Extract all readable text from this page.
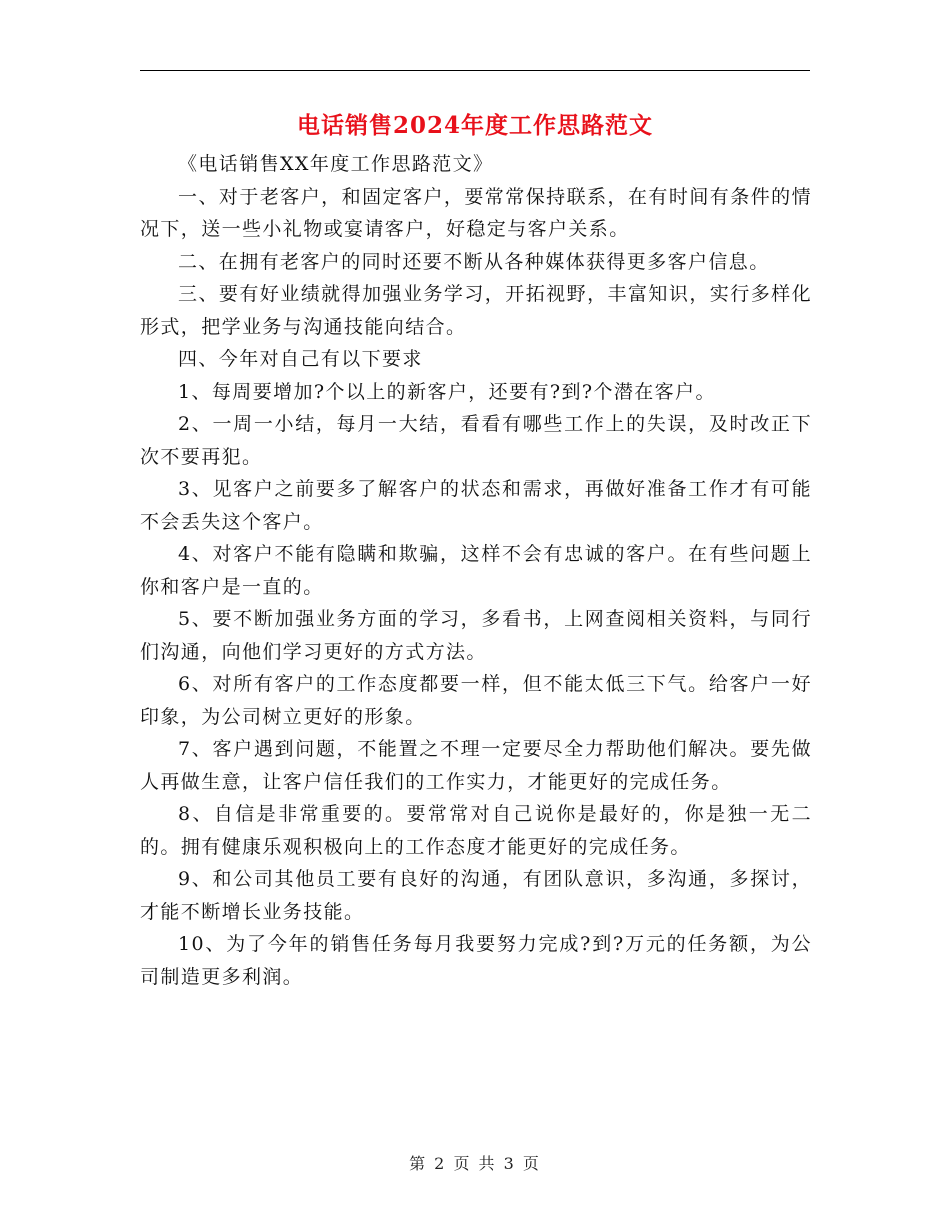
电话销售2024年度工作思路范文

《电话销售XX年度工作思路范文》

一、对于老客户，和固定客户，要常常保持联系，在有时间有条件的情况下，送一些小礼物或宴请客户，好稳定与客户关系。

二、在拥有老客户的同时还要不断从各种媒体获得更多客户信息。

三、要有好业绩就得加强业务学习，开拓视野，丰富知识，实行多样化形式，把学业务与沟通技能向结合。

四、今年对自己有以下要求

1、每周要增加?个以上的新客户，还要有?到?个潜在客户。

2、一周一小结，每月一大结，看看有哪些工作上的失误，及时改正下次不要再犯。

3、见客户之前要多了解客户的状态和需求，再做好准备工作才有可能不会丢失这个客户。

4、对客户不能有隐瞒和欺骗，这样不会有忠诚的客户。在有些问题上你和客户是一直的。

5、要不断加强业务方面的学习，多看书，上网查阅相关资料，与同行们沟通，向他们学习更好的方式方法。

6、对所有客户的工作态度都要一样，但不能太低三下气。给客户一好印象，为公司树立更好的形象。

7、客户遇到问题，不能置之不理一定要尽全力帮助他们解决。要先做人再做生意，让客户信任我们的工作实力，才能更好的完成任务。

8、自信是非常重要的。要常常对自己说你是最好的，你是独一无二的。拥有健康乐观积极向上的工作态度才能更好的完成任务。

9、和公司其他员工要有良好的沟通，有团队意识，多沟通，多探讨，才能不断增长业务技能。

10、为了今年的销售任务每月我要努力完成?到?万元的任务额，为公司制造更多利润。

第 2 页 共 3 页
